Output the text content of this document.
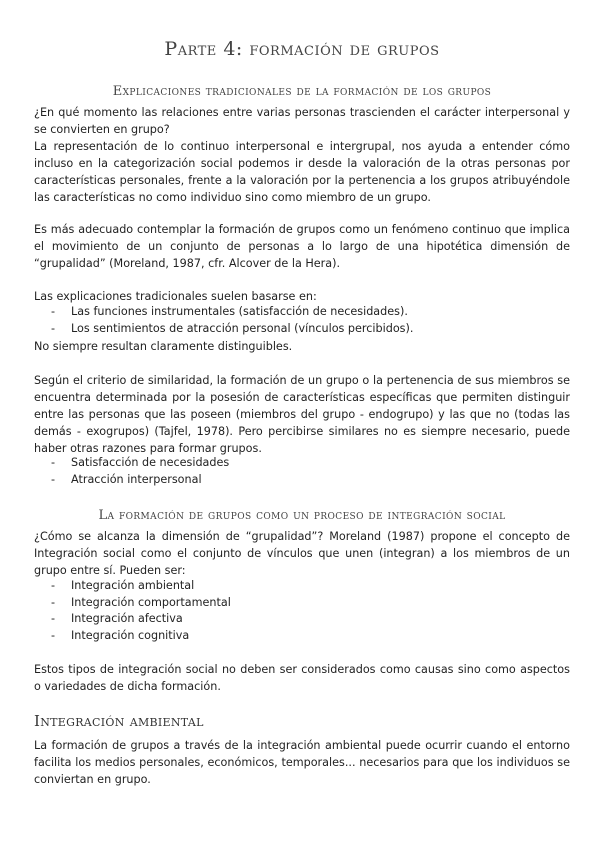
Parte 4: formación de grupos
Explicaciones tradicionales de la formación de los grupos

¿En qué momento las relaciones entre varias personas trascienden el carácter interpersonal y se convierten en grupo?

La representación de lo continuo interpersonal e intergrupal, nos ayuda a entender cómo incluso en la categorización social podemos ir desde la valoración de la otras personas por características personales, frente a la valoración por la pertenencia a los grupos atribuyéndole las características no como individuo sino como miembro de un grupo.

Es más adecuado contemplar la formación de grupos como un fenómeno continuo que implica el movimiento de un conjunto de personas a lo largo de una hipotética dimensión de “grupalidad” (Moreland, 1987, cfr. Alcover de la Hera).

Las explicaciones tradicionales suelen basarse en:

- Las funciones instrumentales (satisfacción de necesidades).
- Los sentimientos de atracción personal (vínculos percibidos).

No siempre resultan claramente distinguibles.

Según el criterio de similaridad, la formación de un grupo o la pertenencia de sus miembros se encuentra determinada por la posesión de características específicas que permiten distinguir entre las personas que las poseen (miembros del grupo - endogrupo) y las que no (todas las demás - exogrupos) (Tajfel, 1978). Pero percibirse similares no es siempre necesario, puede haber otras razones para formar grupos.

- Satisfacción de necesidades
- Atracción interpersonal
La formación de grupos como un proceso de integración social

¿Cómo se alcanza la dimensión de “grupalidad”? Moreland (1987) propone el concepto de Integración social como el conjunto de vínculos que unen (integran) a los miembros de un grupo entre sí. Pueden ser:

- Integración ambiental
- Integración comportamental
- Integración afectiva
- Integración cognitiva

Estos tipos de integración social no deben ser considerados como causas sino como aspectos o variedades de dicha formación.

Integración ambiental

La formación de grupos a través de la integración ambiental puede ocurrir cuando el entorno facilita los medios personales, económicos, temporales... necesarios para que los individuos se conviertan en grupo.
